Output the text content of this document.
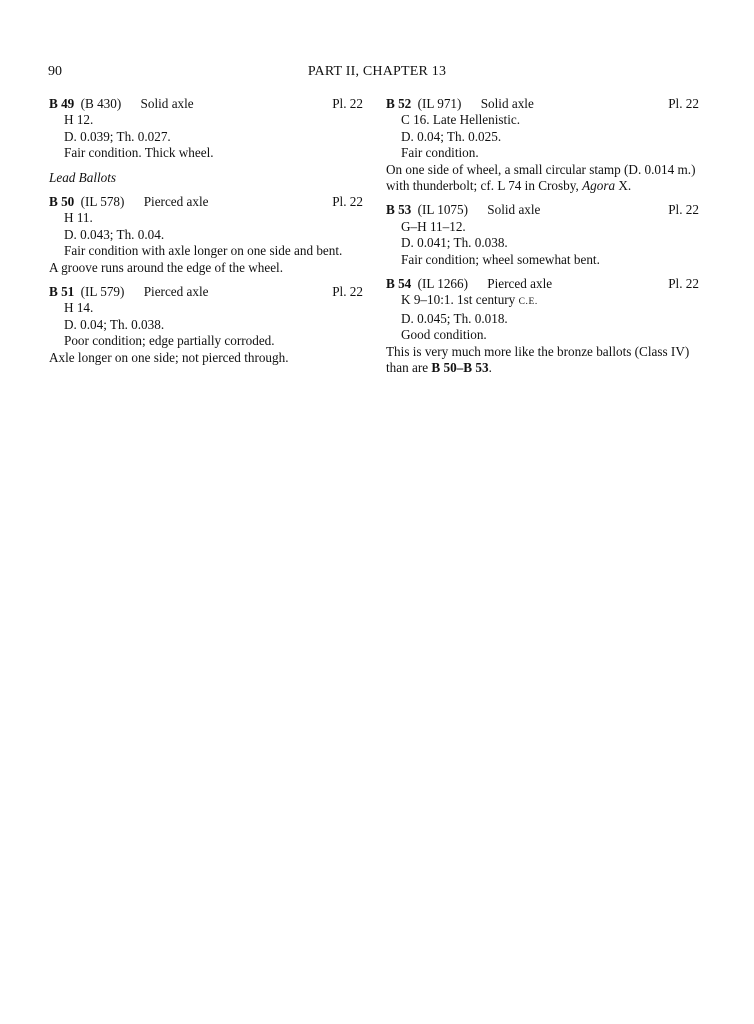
90	PART II, CHAPTER 13
B 49 (B 430) Solid axle	Pl. 22
H 12.
D. 0.039; Th. 0.027.
Fair condition. Thick wheel.
Lead Ballots
B 50 (IL 578) Pierced axle	Pl. 22
H 11.
D. 0.043; Th. 0.04.
Fair condition with axle longer on one side and bent.
A groove runs around the edge of the wheel.
B 51 (IL 579) Pierced axle	Pl. 22
H 14.
D. 0.04; Th. 0.038.
Poor condition; edge partially corroded.
Axle longer on one side; not pierced through.
B 52 (IL 971) Solid axle	Pl. 22
C 16. Late Hellenistic.
D. 0.04; Th. 0.025.
Fair condition.
On one side of wheel, a small circular stamp (D. 0.014 m.)
with thunderbolt; cf. L 74 in Crosby, Agora X.
B 53 (IL 1075) Solid axle	Pl. 22
G–H 11–12.
D. 0.041; Th. 0.038.
Fair condition; wheel somewhat bent.
B 54 (IL 1266) Pierced axle	Pl. 22
K 9–10:1. 1st century C.E.
D. 0.045; Th. 0.018.
Good condition.
This is very much more like the bronze ballots (Class IV)
than are B 50–B 53.
